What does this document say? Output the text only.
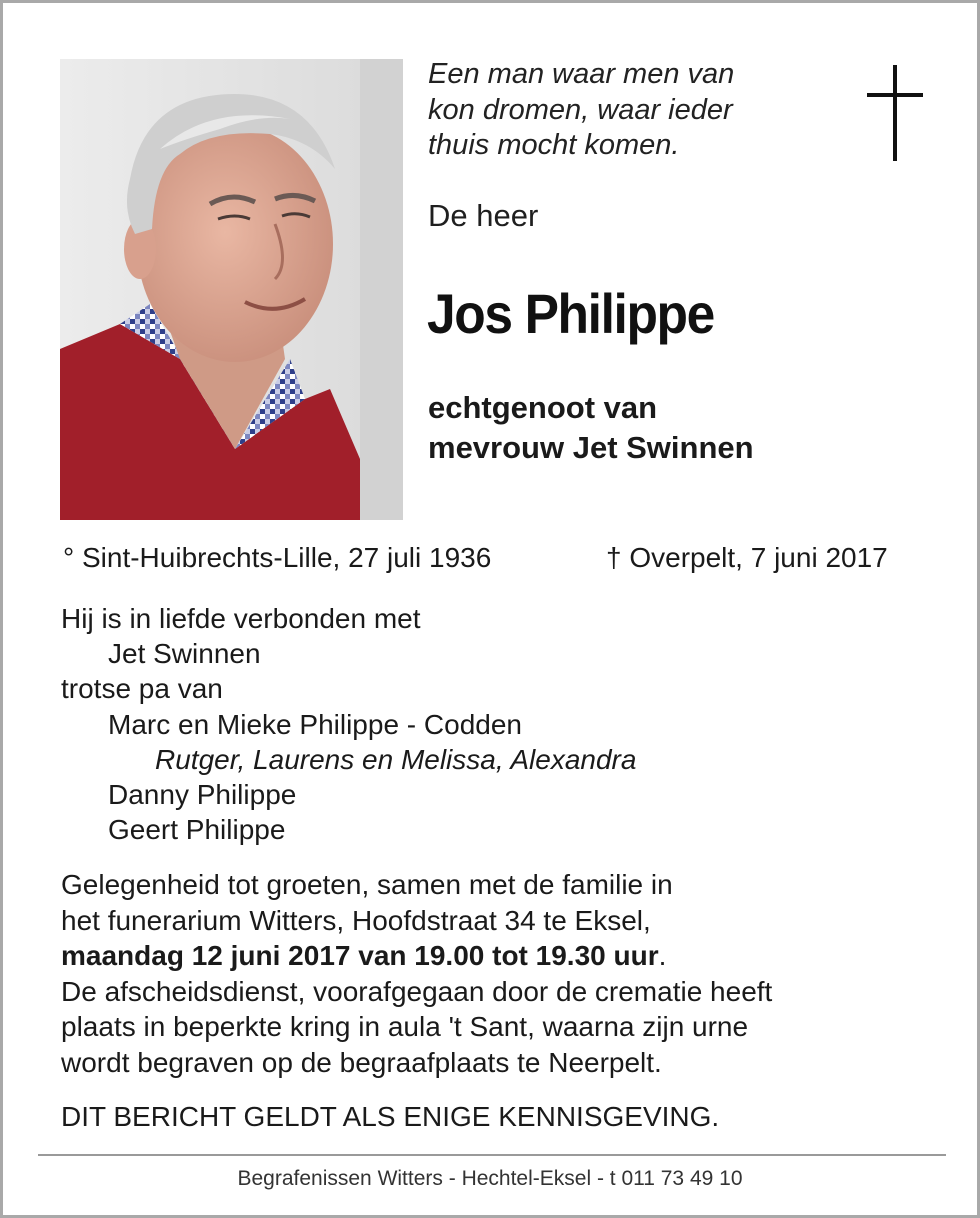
Een man waar men van
kon dromen, waar ieder
thuis mocht komen.
De heer
Jos Philippe
echtgenoot van
mevrouw Jet Swinnen
° Sint-Huibrechts-Lille, 27 juli 1936	† Overpelt, 7 juni 2017
Hij is in liefde verbonden met
Jet Swinnen
trotse pa van
Marc en Mieke Philippe - Codden
Rutger, Laurens en Melissa, Alexandra
Danny Philippe
Geert Philippe
Gelegenheid tot groeten, samen met de familie in
het funerarium Witters, Hoofdstraat 34 te Eksel,
maandag 12 juni 2017 van 19.00 tot 19.30 uur.
De afscheidsdienst, voorafgegaan door de crematie heeft
plaats in beperkte kring in aula 't Sant, waarna zijn urne
wordt begraven op de begraafplaats te Neerpelt.
DIT BERICHT GELDT ALS ENIGE KENNISGEVING.
Begrafenissen Witters - Hechtel-Eksel - t 011 73 49 10
